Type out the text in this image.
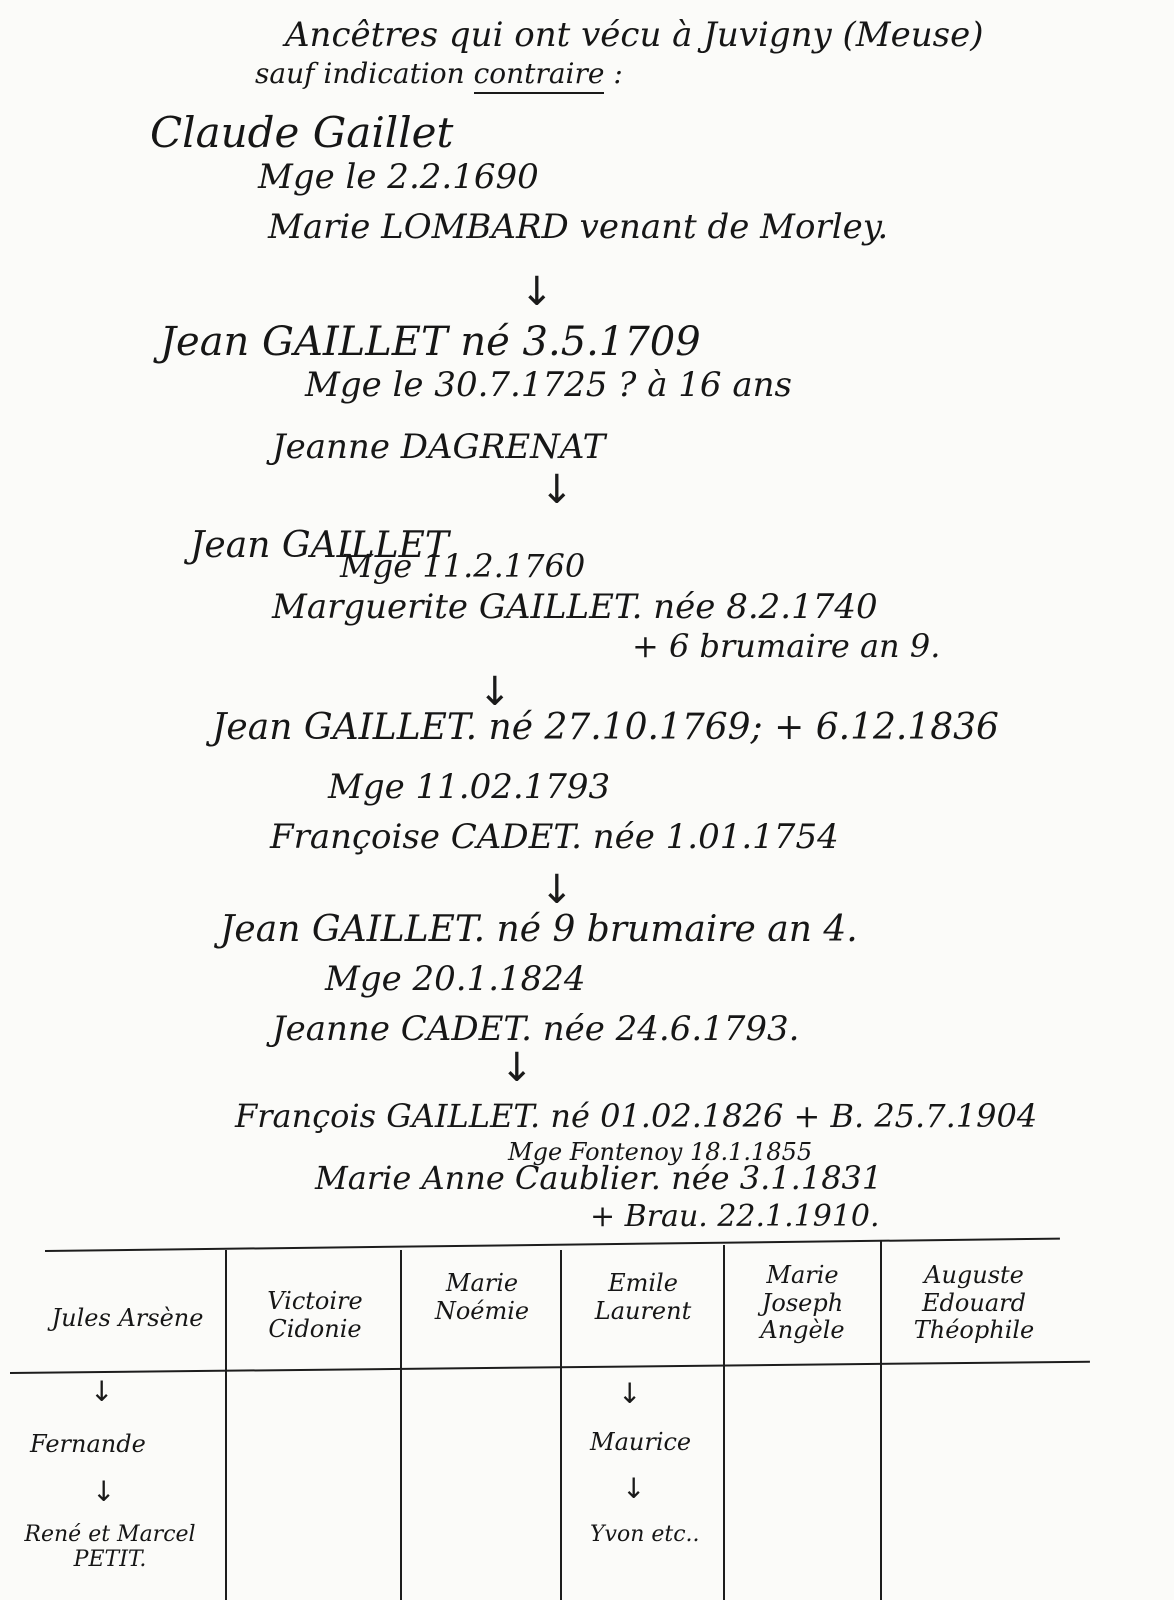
Ancêtres qui ont vécu à Juvigny (Meuse)
sauf indication contraire :
Claude Gaillet
Mge le 2.2.1690
Marie LOMBARD venant de Morley.
↓
Jean GAILLET né 3.5.1709
Mge le 30.7.1725 ? à 16 ans
Jeanne DAGRENAT
↓
Jean GAILLET
Mge 11.2.1760
Marguerite GAILLET. née 8.2.1740
+ 6 brumaire an 9.
↓
Jean GAILLET. né 27.10.1769; + 6.12.1836
Mge 11.02.1793
Françoise CADET. née 1.01.1754
↓
Jean GAILLET. né 9 brumaire an 4.
Mge 20.1.1824
Jeanne CADET. née 24.6.1793.
↓
François GAILLET. né 01.02.1826 + B. 25.7.1904
Mge Fontenoy 18.1.1855
Marie Anne Caublier. née 3.1.1831
+ Brau. 22.1.1910.
Jules Arsène
Victoire Cidonie
Marie Noémie
Emile Laurent
Marie Joseph Angèle
Auguste Edouard Théophile
↓
Fernande
↓
René et Marcel PETIT.
↓
Maurice
↓
Yvon etc..
